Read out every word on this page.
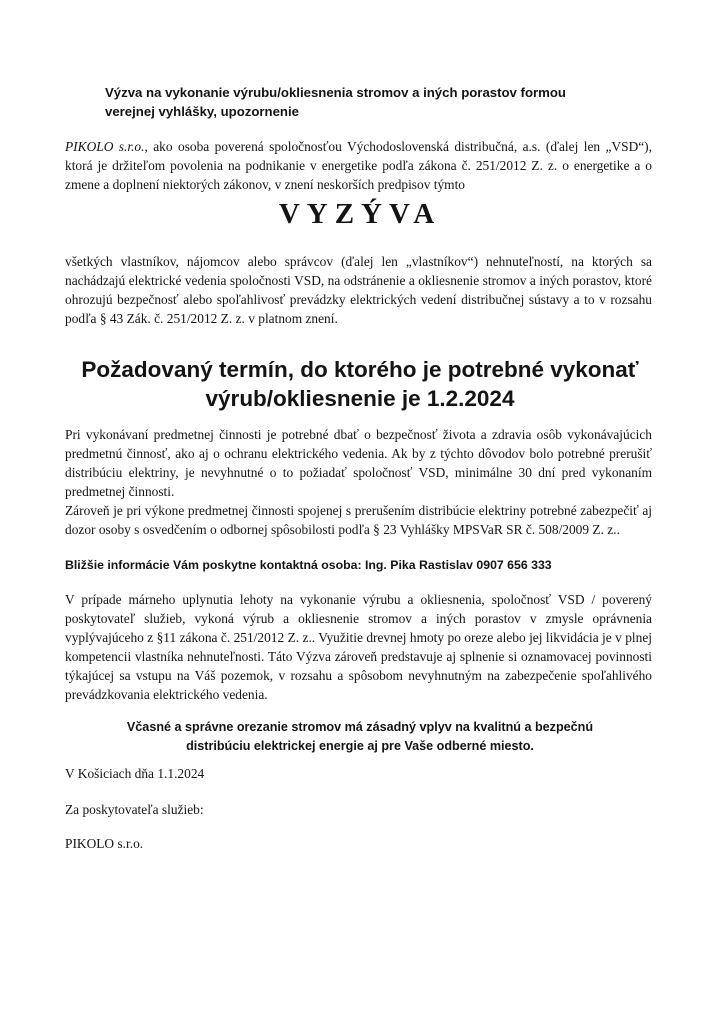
Výzva na vykonanie výrubu/okliesnenia stromov a iných porastov formou
verejnej vyhlášky, upozornenie
PIKOLO s.r.o., ako osoba poverená spoločnosťou Východoslovenská distribučná, a.s. (ďalej len „VSD“), ktorá je držiteľom povolenia na podnikanie v energetike podľa zákona č. 251/2012 Z. z. o energetike a o zmene a doplnení niektorých zákonov, v znení neskorších predpisov týmto
VYZÝVA
všetkých vlastníkov, nájomcov alebo správcov (ďalej len „vlastníkov“) nehnuteľností, na ktorých sa nachádzajú elektrické vedenia spoločnosti VSD, na odstránenie a okliesnenie stromov a iných porastov, ktoré ohrozujú bezpečnosť alebo spoľahlivosť prevádzky elektrických vedení distribučnej sústavy a to v rozsahu podľa § 43 Zák. č. 251/2012 Z. z. v platnom znení.
Požadovaný termín, do ktorého je potrebné vykonať
výrub/okliesnenie je 1.2.2024
Pri vykonávaní predmetnej činnosti je potrebné dbať o bezpečnosť života a zdravia osôb vykonávajúcich predmetnú činnosť, ako aj o ochranu elektrického vedenia. Ak by z týchto dôvodov bolo potrebné prerušiť distribúciu elektriny, je nevyhnutné o to požiadať spoločnosť VSD, minimálne 30 dní pred vykonaním predmetnej činnosti.
Zároveň je pri výkone predmetnej činnosti spojenej s prerušením distribúcie elektriny potrebné zabezpečiť aj dozor osoby s osvedčením o odbornej spôsobilosti podľa § 23 Vyhlášky MPSVaR SR č. 508/2009 Z. z..
Bližšie informácie Vám poskytne kontaktná osoba: Ing. Pika Rastislav 0907 656 333
V prípade márneho uplynutia lehoty na vykonanie výrubu a okliesnenia, spoločnosť VSD / poverený poskytovateľ služieb, vykoná výrub a okliesnenie stromov a iných porastov v zmysle oprávnenia vyplývajúceho z §11 zákona č. 251/2012 Z. z.. Využitie drevnej hmoty po oreze alebo jej likvidácia je v plnej kompetencii vlastníka nehnuteľnosti. Táto Výzva zároveň predstavuje aj splnenie si oznamovacej povinnosti týkajúcej sa vstupu na Váš pozemok, v rozsahu a spôsobom nevyhnutným na zabezpečenie spoľahlivého prevádzkovania elektrického vedenia.
Včasné a správne orezanie stromov má zásadný vplyv na kvalitnú a bezpečnú
distribúciu elektrickej energie aj pre Vaše odberné miesto.
V Košiciach dňa 1.1.2024
Za poskytovateľa služieb:
PIKOLO s.r.o.
